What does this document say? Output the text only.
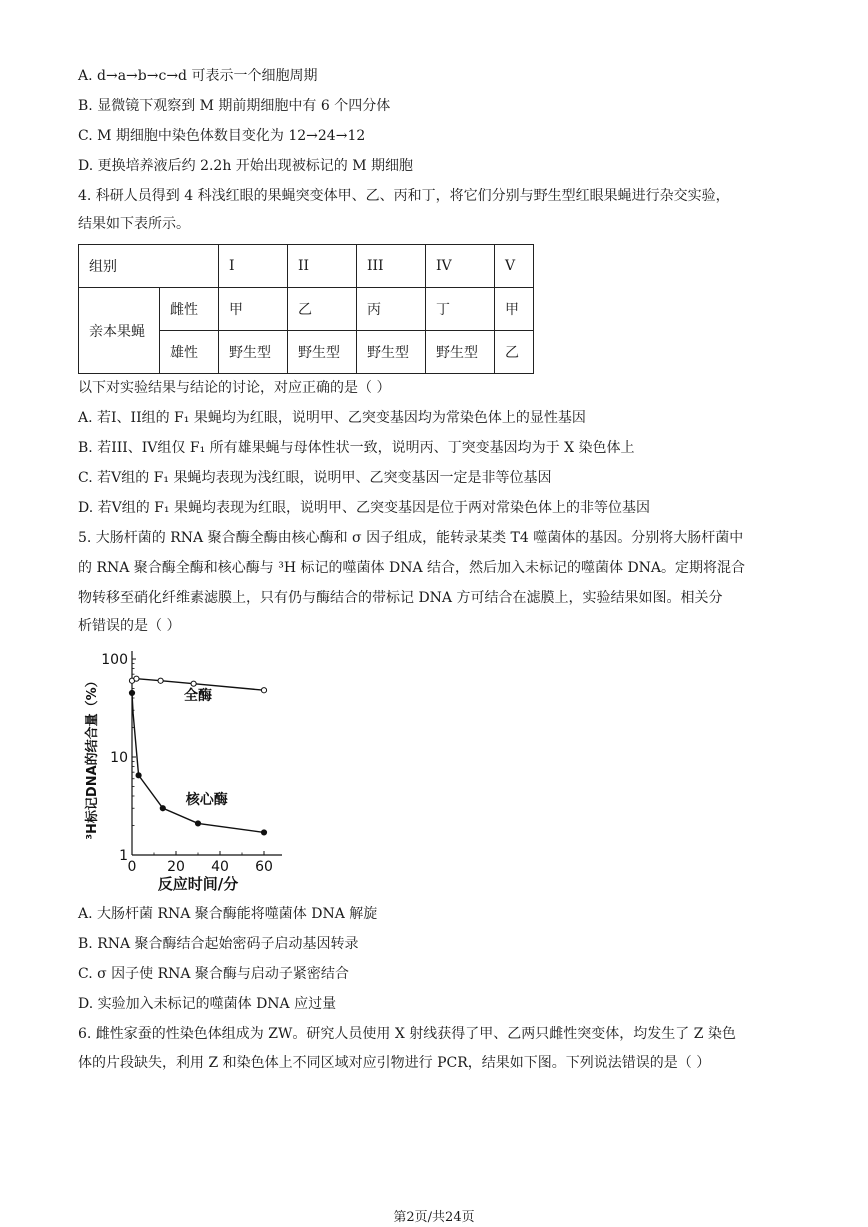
A. d→a→b→c→d 可表示一个细胞周期
B. 显微镜下观察到 M 期前期细胞中有 6 个四分体
C. M 期细胞中染色体数目变化为 12→24→12
D. 更换培养液后约 2.2h 开始出现被标记的 M 期细胞
4. 科研人员得到 4 科浅红眼的果蝇突变体甲、乙、丙和丁，将它们分别与野生型红眼果蝇进行杂交实验，
结果如下表所示。
组别		I	II	III	IV	V
亲本果蝇	雌性	甲	乙	丙	丁	甲
	雄性	野生型	野生型	野生型	野生型	乙
以下对实验结果与结论的讨论，对应正确的是（ ）
A. 若I、II组的 F₁ 果蝇均为红眼，说明甲、乙突变基因均为常染色体上的显性基因
B. 若III、IV组仅 F₁ 所有雄果蝇与母体性状一致，说明丙、丁突变基因均为于 X 染色体上
C. 若V组的 F₁ 果蝇均表现为浅红眼，说明甲、乙突变基因一定是非等位基因
D. 若V组的 F₁ 果蝇均表现为红眼，说明甲、乙突变基因是位于两对常染色体上的非等位基因
5. 大肠杆菌的 RNA 聚合酶全酶由核心酶和 σ 因子组成，能转录某类 T4 噬菌体的基因。分别将大肠杆菌中
的 RNA 聚合酶全酶和核心酶与 ³H 标记的噬菌体 DNA 结合，然后加入未标记的噬菌体 DNA。定期将混合
物转移至硝化纤维素滤膜上，只有仍与酶结合的带标记 DNA 方可结合在滤膜上，实验结果如图。相关分
析错误的是（ ）
1
10
100
0 20 40 60
反应时间/分
³H标记DNA的结合量（%）	全酶
核心酶
A. 大肠杆菌 RNA 聚合酶能将噬菌体 DNA 解旋
B. RNA 聚合酶结合起始密码子启动基因转录
C. σ 因子使 RNA 聚合酶与启动子紧密结合
D. 实验加入未标记的噬菌体 DNA 应过量
6. 雌性家蚕的性染色体组成为 ZW。研究人员使用 X 射线获得了甲、乙两只雌性突变体，均发生了 Z 染色
体的片段缺失，利用 Z 和染色体上不同区域对应引物进行 PCR，结果如下图。下列说法错误的是（ ）
第2页/共24页
